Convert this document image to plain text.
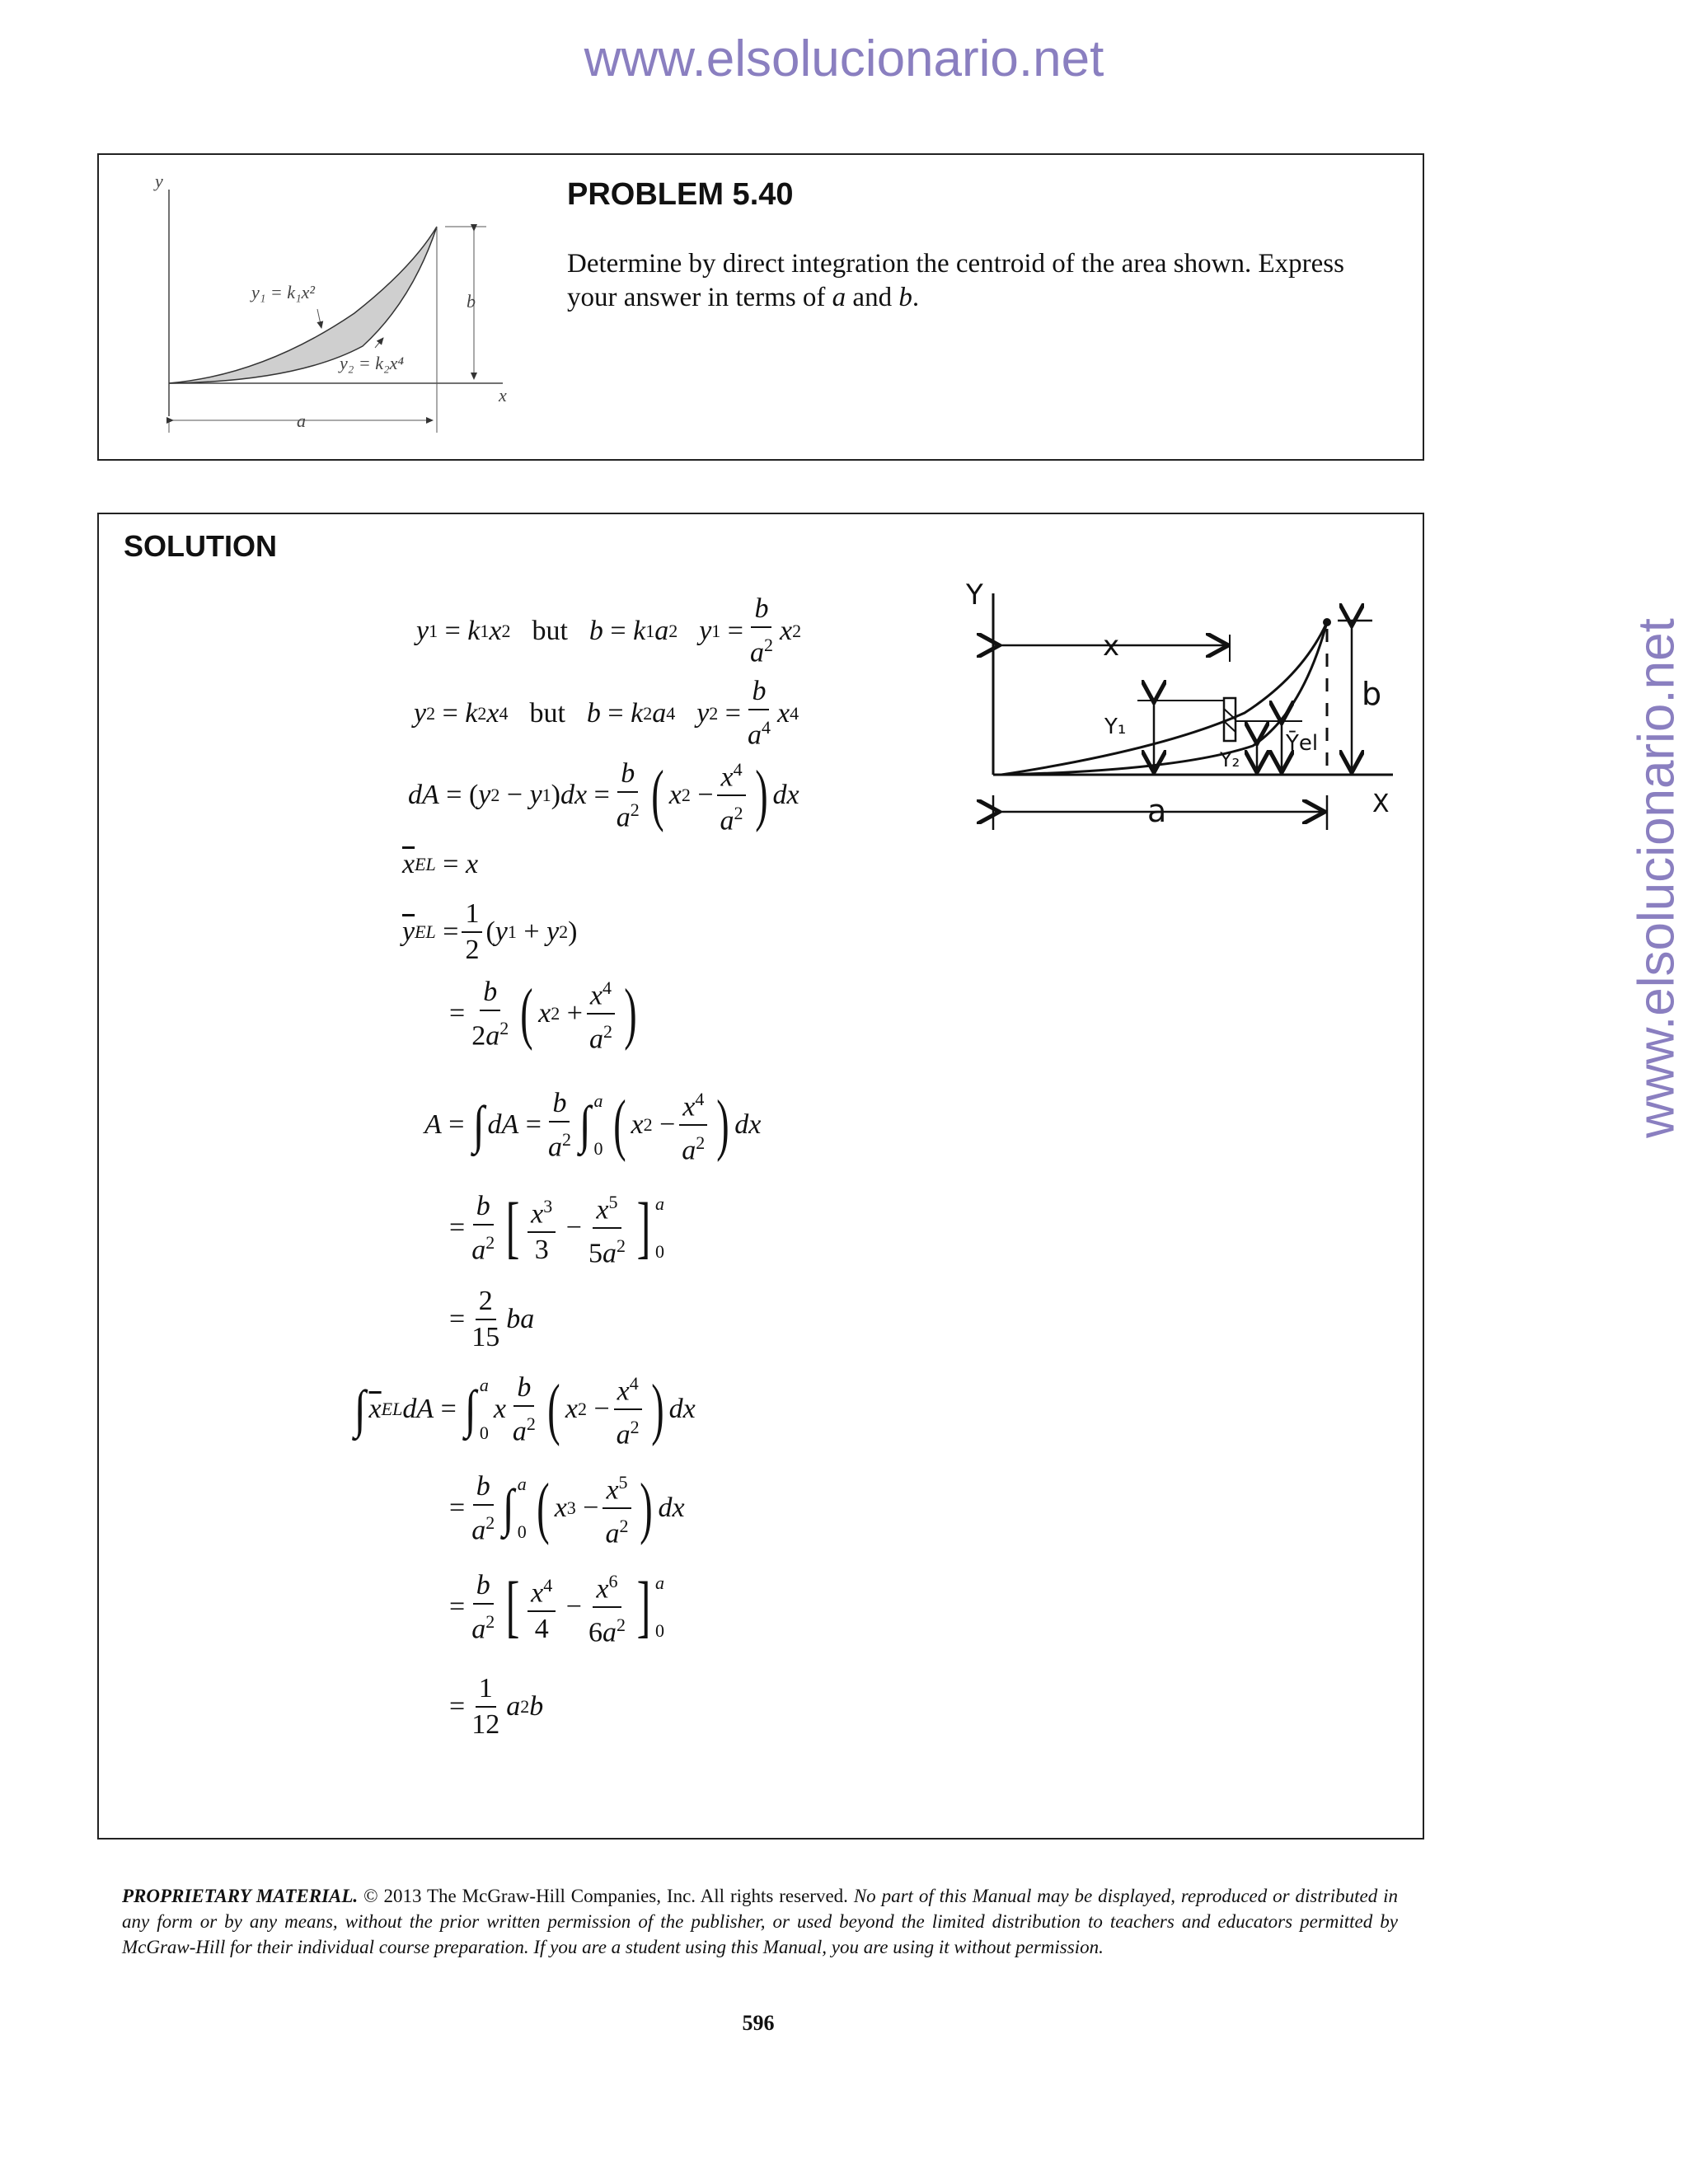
www.elsolucionario.net
www.elsolucionario.net
y
x
b
a
y₁ = k₁x²
y₂ = k₂x⁴
PROBLEM 5.40
Determine by direct integration the centroid of the area shown. Express your answer in terms of a and b.
SOLUTION
Y
X
x
a
b
Y₁
Y₂
Ȳel
y 1 = k 1 x 2 but b = k 1 a 2 y $1 = \frac{b}{a^2}$ x 2
y 2 = k 2 x 4 but b = k 2 a 4 y $2 = \frac{b}{a^4}$ x 4
dA = ( y 2 − y 1 ) dx = $\frac{b}{a^2}$ ( x $2 - \frac{x^4}{a^2}$ ) dx
$\overline{x}$ EL = x
$\overline{y}$ EL = $\frac{1}{2}$ ( y 1 + y 2 )
= $\frac{b}{2a^2}$ ( x $2 + \frac{x^4}{a^2}$ )
A = ∫ dA = $\frac{b}{a^2}$ ∫ a
0 ( x $2 - \frac{x^4}{a^2}$ ) dx
= $\frac{b}{a^2}$ [ $\frac{x^3}{3} - \frac{x^5}{5a^2}$ ] a
0
= $\frac{2}{15}$ ba
∫ $\overline{x}$ EL dA = ∫ a
0
x $\frac{b}{a^2}$ ( x $2 - \frac{x^4}{a^2}$ ) dx
= $\frac{b}{a^2}$ ∫ a
0 ( x $3 - \frac{x^5}{a^2}$ ) dx
= $\frac{b}{a^2}$ [ $\frac{x^4}{4} - \frac{x^6}{6a^2}$ ] a
0
= $\frac{1}{12}$ a 2 b
PROPRIETARY MATERIAL. © 2013 The McGraw-Hill Companies, Inc. All rights reserved. No part of this Manual may be displayed, reproduced or distributed in any form or by any means, without the prior written permission of the publisher, or used beyond the limited distribution to teachers and educators permitted by McGraw-Hill for their individual course preparation. If you are a student using this Manual, you are using it without permission.
596
